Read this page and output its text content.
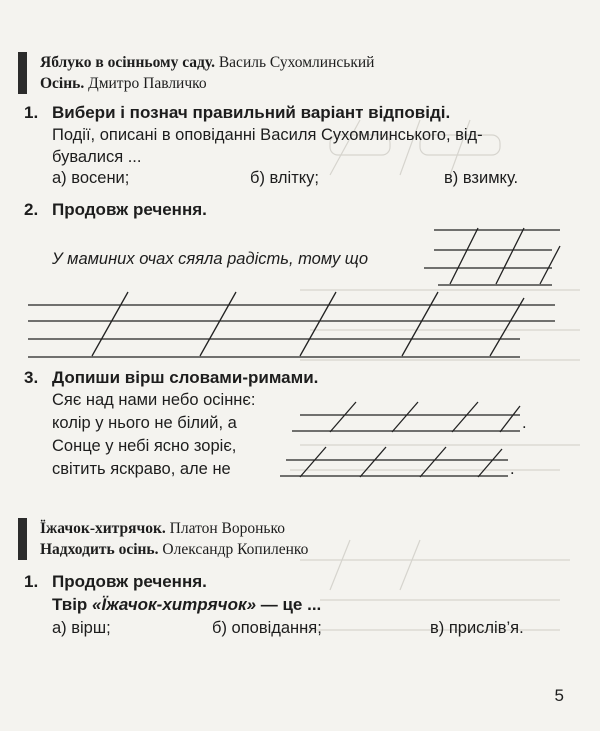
Яблуко в осінньому саду. Василь Сухомлинський
Осінь. Дмитро Павличко
1. Вибери і познач правильний варіант відповіді.
Події, описані в оповіданні Василя Сухомлинського, від-
бувалися ...
а) восени;	б) влітку;	в) взимку.
2. Продовж речення.
У маминих очах сяяла радість, тому що
3. Допиши вірш словами-римами.
Сяє над нами небо осіннє:
колір у нього не білий, а
Сонце у небі ясно зоріє,
світить яскраво, але не
.
.
Їжачок-хитрячок. Платон Воронько
Надходить осінь. Олександр Копиленко
1. Продовж речення.
Твір «Їжачок-хитрячок» — це ...
а) вірш;	б) оповідання;	в) прислів’я.
5
